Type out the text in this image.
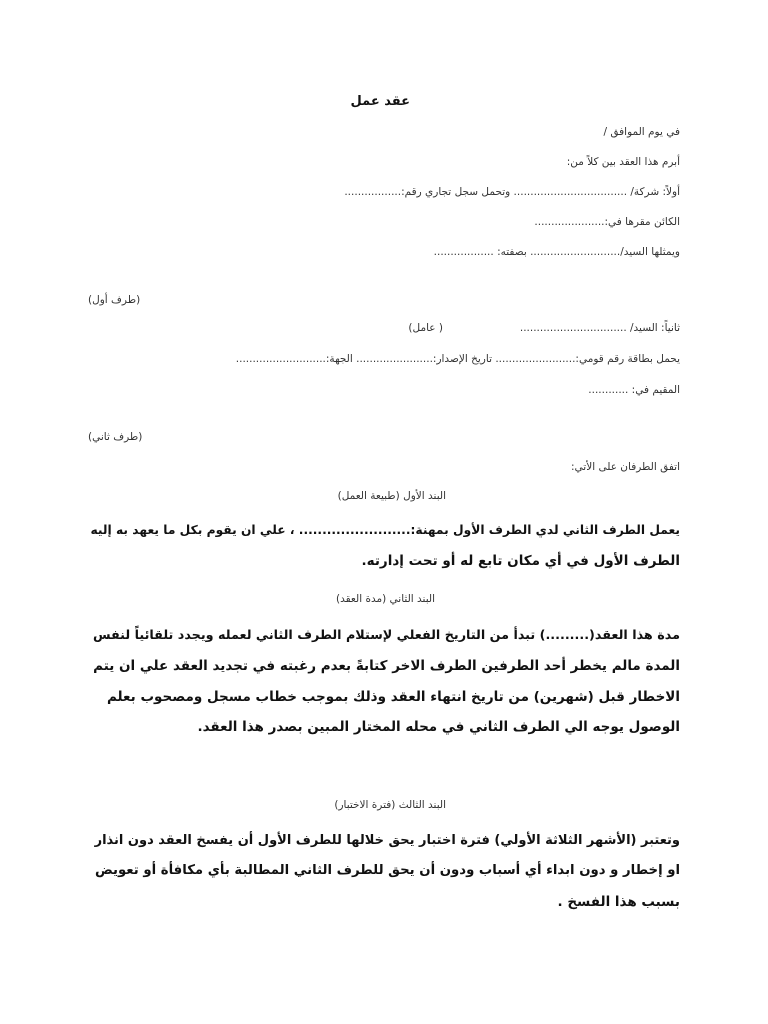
عقد عمل

في يوم الموافق /

أبرم هذا العقد بين كلاً من:

أولاً: شركة/ .................................. وتحمل سجل تجاري رقم:.................

الكائن مقرها في:.....................

ويمثلها السيد/........................... بصفته: ..................

(طرف أول)

ثانياً: السيد/ ................................

( عامل)

يحمل بطاقة رقم قومي:........................ تاريخ الإصدار:....................... الجهة:...........................

المقيم في: ............

(طرف ثاني)

اتفق الطرفان على الأتي:

البند الأول (طبيعة العمل)

يعمل الطرف الثاني لدي الطرف الأول بمهنة:........................ ، علي ان يقوم بكل ما يعهد به إليه

الطرف الأول في أي مكان تابع له أو تحت إدارته.

البند الثاني (مدة العقد)

مدة هذا العقد(.........) تبدأ من التاريخ الفعلي لإستلام الطرف الثاني لعمله ويجدد تلقائياً لنفس

المدة مالم يخطر أحد الطرفين الطرف الاخر كتابةً بعدم رغبته في تجديد العقد علي ان يتم

الاخطار قبل (شهرين) من تاريخ انتهاء العقد وذلك بموجب خطاب مسجل ومصحوب بعلم

الوصول يوجه الي الطرف الثاني في محله المختار المبين بصدر هذا العقد.

البند الثالث (فترة الاختبار)

وتعتبر (الأشهر الثلاثة الأولي) فترة اختبار يحق خلالها للطرف الأول أن يفسخ العقد دون انذار

او إخطار و دون ابداء أي أسباب ودون أن يحق للطرف الثاني المطالبة بأي مكافأة أو تعويض

بسبب هذا الفسخ .
